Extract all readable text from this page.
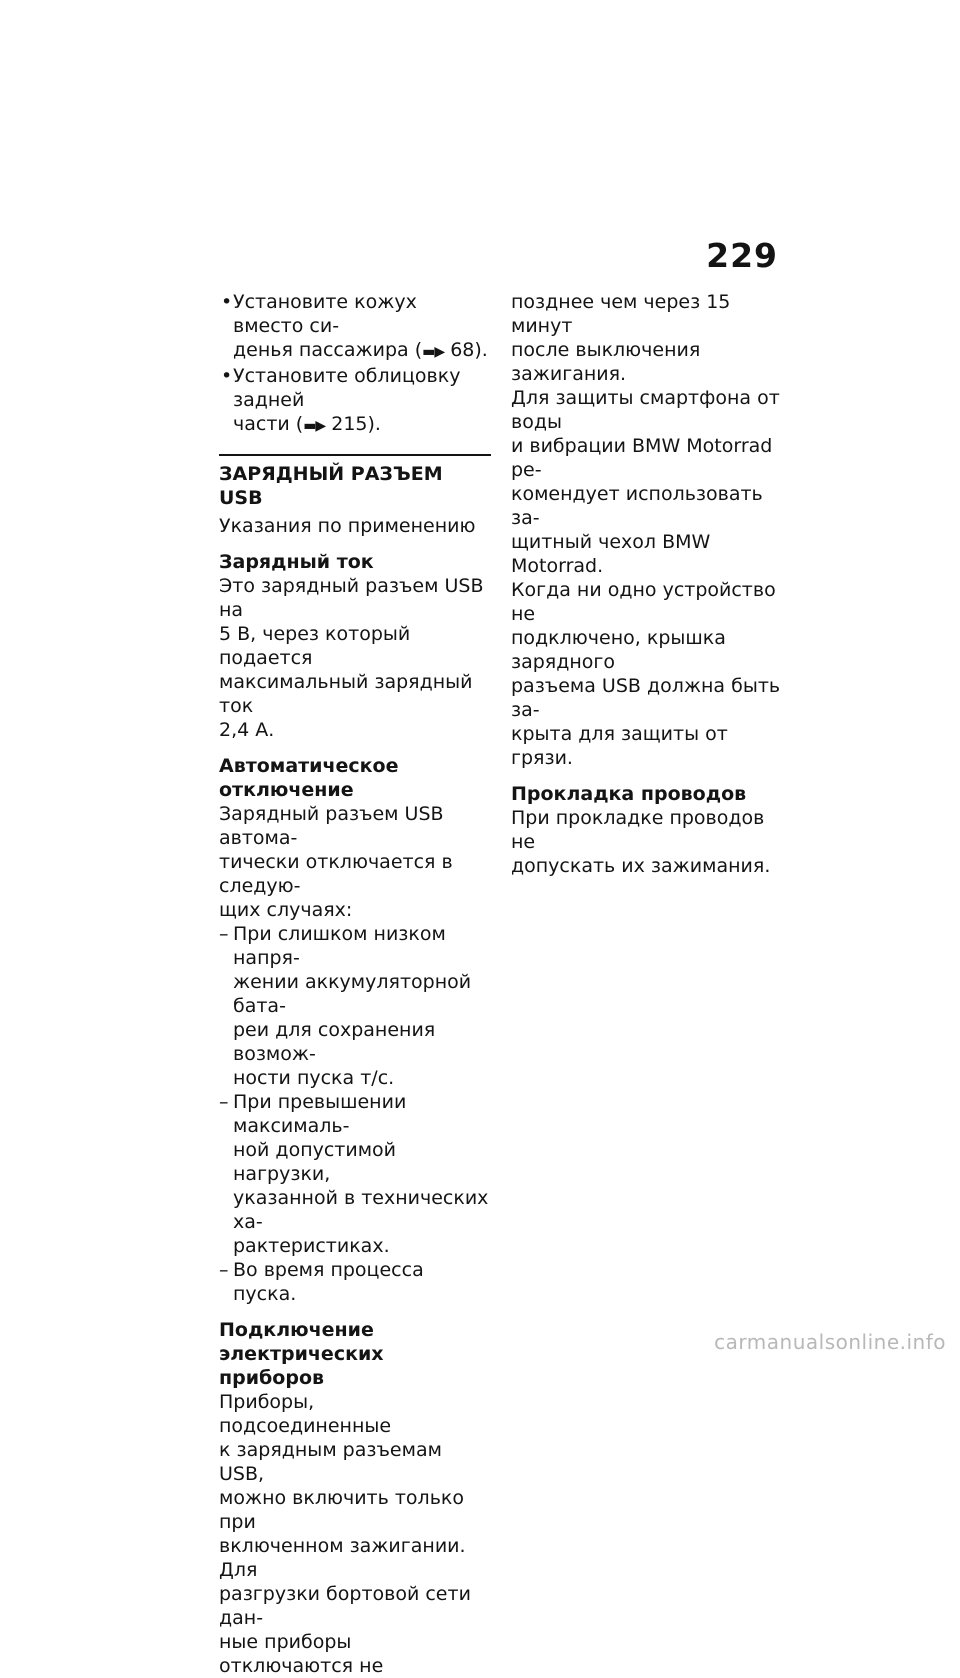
229

• Установите кожух вместо си-
денья пассажира (▬▶ 68).

• Установите облицовку задней
части (▬▶ 215).

ЗАРЯДНЫЙ РАЗЪЕМ USB

Указания по применению

Зарядный ток

Это зарядный разъем USB на
5 В, через который подается
максимальный зарядный ток
2,4 А.

Автоматическое
отключение

Зарядный разъем USB автома-
тически отключается в следую-
щих случаях:

– При слишком низком напря-
жении аккумуляторной бата-
реи для сохранения возмож-
ности пуска т/с.

– При превышении максималь-
ной допустимой нагрузки,
указанной в технических ха-
рактеристиках.

– Во время процесса пуска.

Подключение
электрических приборов

Приборы, подсоединенные
к зарядным разъемам USB,
можно включить только при
включенном зажигании. Для
разгрузки бортовой сети дан-
ные приборы отключаются не

позднее чем через 15 минут
после выключения зажигания.
Для защиты смартфона от воды
и вибрации BMW Motorrad ре-
комендует использовать за-
щитный чехол BMW Motorrad.
Когда ни одно устройство не
подключено, крышка зарядного
разъема USB должна быть за-
крыта для защиты от грязи.

Прокладка проводов

При прокладке проводов не
допускать их зажимания.

carmanualsonline.info
